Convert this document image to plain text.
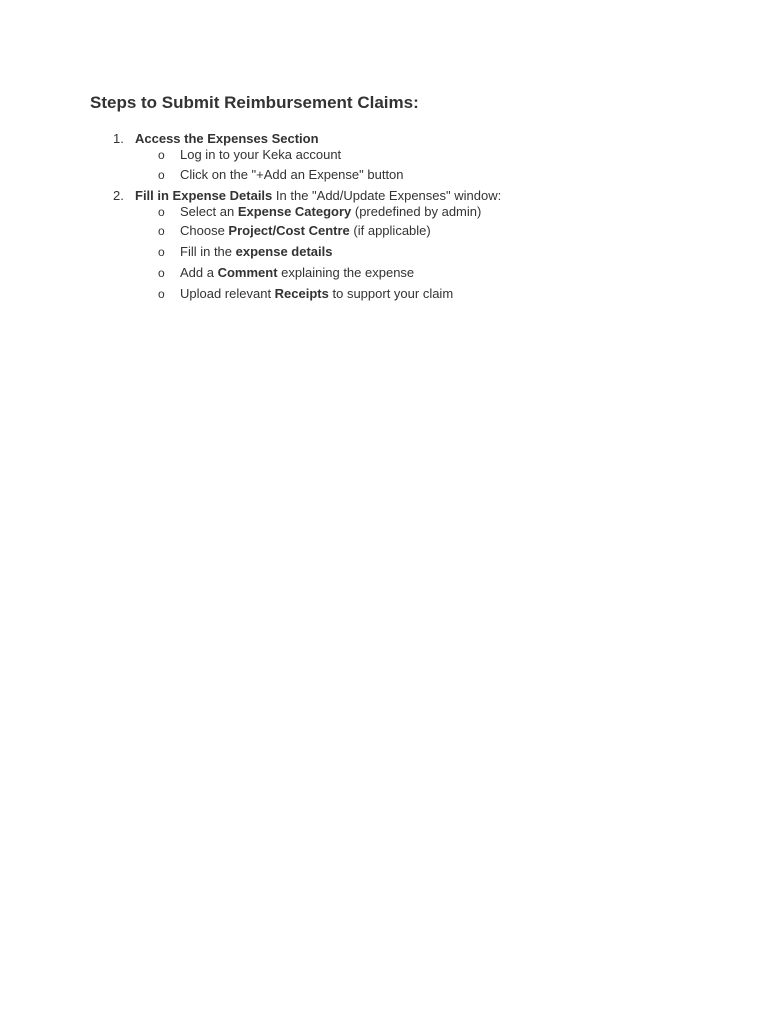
Steps to Submit Reimbursement Claims:
1. Access the Expenses Section
o Log in to your Keka account
o Click on the "+Add an Expense" button
2. Fill in Expense Details In the "Add/Update Expenses" window:
o Select an Expense Category (predefined by admin)
o Choose Project/Cost Centre (if applicable)
o Fill in the expense details
o Add a Comment explaining the expense
o Upload relevant Receipts to support your claim
